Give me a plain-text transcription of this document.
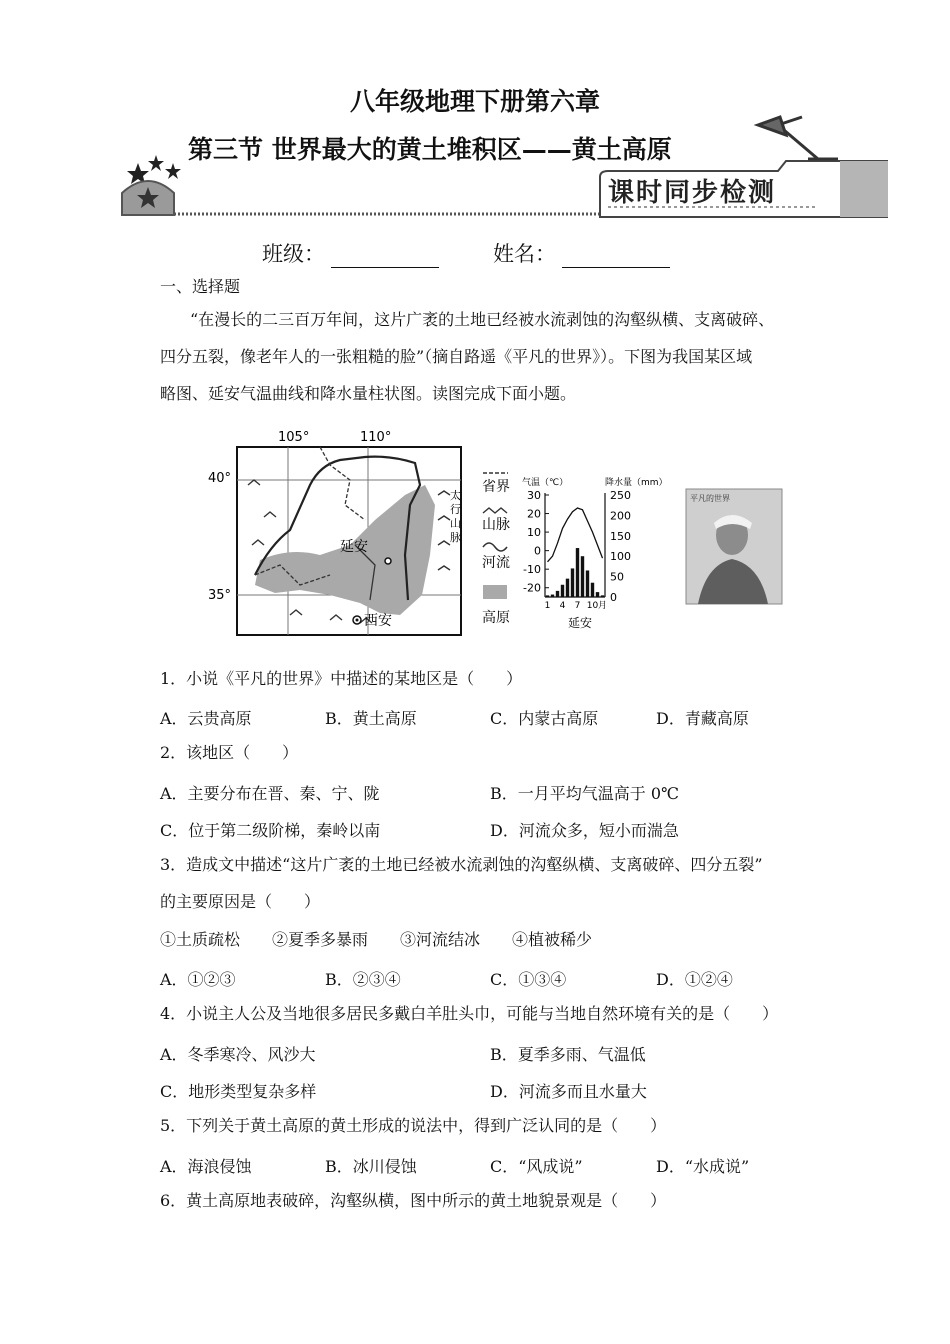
八年级地理下册第六章
第三节 世界最大的黄土堆积区——黄土高原
课时同步检测
班级：	姓名：
一、选择题
“在漫长的二三百万年间，这片广袤的土地已经被水流剥蚀的沟壑纵横、支离破碎、
四分五裂，像老年人的一张粗糙的脸”（摘自路遥《平凡的世界》）。下图为我国某区域
略图、延安气温曲线和降水量柱状图。读图完成下面小题。
105°	110°
40°
35°
延安
西安
太
行
山
脉
省界
山脉
河流
高原
气温（℃）	降水量（mm）
30
20
10
0
-10
-20
250
200
150
100
50
0
1 4 7 10 月
延安
平凡的世界
1．小说《平凡的世界》中描述的某地区是（　　）
A．云贵高原	B．黄土高原	C．内蒙古高原	D．青藏高原
2．该地区（　　）
A．主要分布在晋、秦、宁、陇	B．一月平均气温高于 0℃
C．位于第二级阶梯，秦岭以南	D．河流众多，短小而湍急
3．造成文中描述“这片广袤的土地已经被水流剥蚀的沟壑纵横、支离破碎、四分五裂”
的主要原因是（　　）
①土质疏松　　②夏季多暴雨　　③河流结冰　　④植被稀少
A．①②③	B．②③④	C．①③④	D．①②④
4．小说主人公及当地很多居民多戴白羊肚头巾，可能与当地自然环境有关的是（　　）
A．冬季寒冷、风沙大	B．夏季多雨、气温低
C．地形类型复杂多样	D．河流多而且水量大
5．下列关于黄土高原的黄土形成的说法中，得到广泛认同的是（　　）
A．海浪侵蚀	B．冰川侵蚀	C．“风成说”	D．“水成说”
6．黄土高原地表破碎，沟壑纵横，图中所示的黄土地貌景观是（　　）
